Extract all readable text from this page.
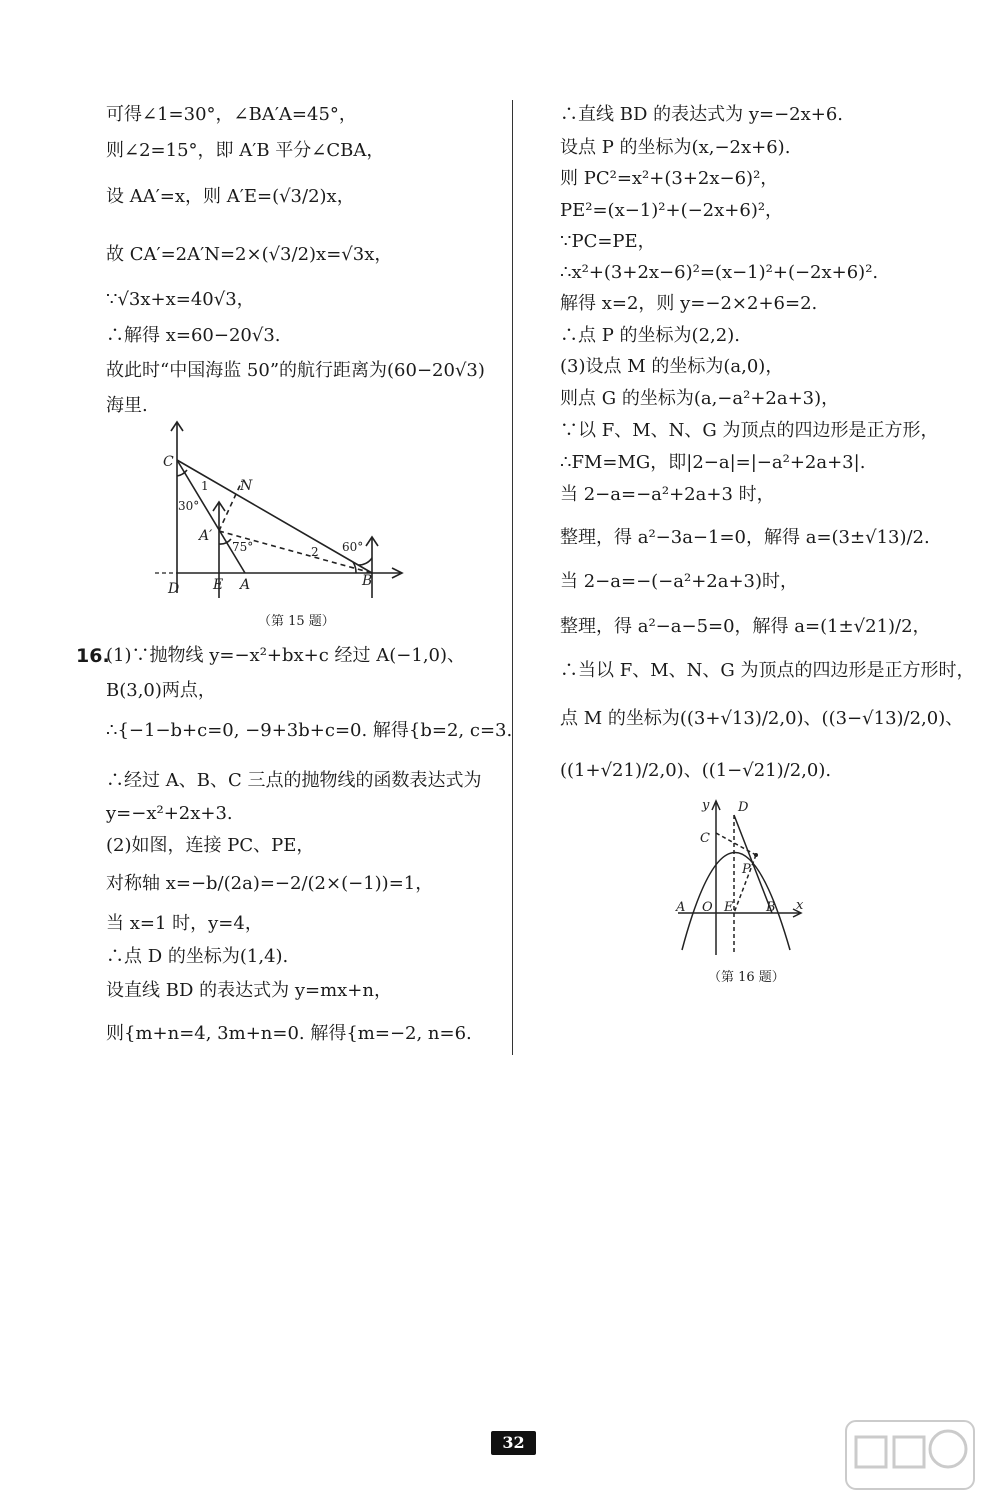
可得∠1=30°，∠BA′A=45°，
则∠2=15°，即 A′B 平分∠CBA，
设 AA′=x，则 A′E=(√3/2)x，
故 CA′=2A′N=2×(√3/2)x=√3x，
∵√3x+x=40√3，
∴解得 x=60−20√3.
故此时“中国海监 50”的航行距离为(60−20√3)
海里.
C
N
D E A	B
A′
1
2
30°
75°	60°
（第 15 题）
16.
(1)∵抛物线 y=−x²+bx+c 经过 A(−1,0)、
B(3,0)两点，
∴{−1−b+c=0, −9+3b+c=0. 解得{b=2, c=3.
∴经过 A、B、C 三点的抛物线的函数表达式为
y=−x²+2x+3.
(2)如图，连接 PC、PE，
对称轴 x=−b/(2a)=−2/(2×(−1))=1，
当 x=1 时，y=4，
∴点 D 的坐标为(1,4).
设直线 BD 的表达式为 y=mx+n，
则{m+n=4, 3m+n=0. 解得{m=−2, n=6.
∴直线 BD 的表达式为 y=−2x+6.
设点 P 的坐标为(x,−2x+6).
则 PC²=x²+(3+2x−6)²，
PE²=(x−1)²+(−2x+6)²，
∵PC=PE，
∴x²+(3+2x−6)²=(x−1)²+(−2x+6)².
解得 x=2，则 y=−2×2+6=2.
∴点 P 的坐标为(2,2).
(3)设点 M 的坐标为(a,0)，
则点 G 的坐标为(a,−a²+2a+3)，
∵以 F、M、N、G 为顶点的四边形是正方形，
∴FM=MG，即|2−a|=|−a²+2a+3|.
当 2−a=−a²+2a+3 时，
整理，得 a²−3a−1=0，解得 a=(3±√13)/2.
当 2−a=−(−a²+2a+3)时，
整理，得 a²−a−5=0，解得 a=(1±√21)/2，
∴当以 F、M、N、G 为顶点的四边形是正方形时，
点 M 的坐标为((3+√13)/2,0)、((3−√13)/2,0)、
((1+√21)/2,0)、((1−√21)/2,0).
y D
C
P
A O E	B x
（第 16 题）
32
